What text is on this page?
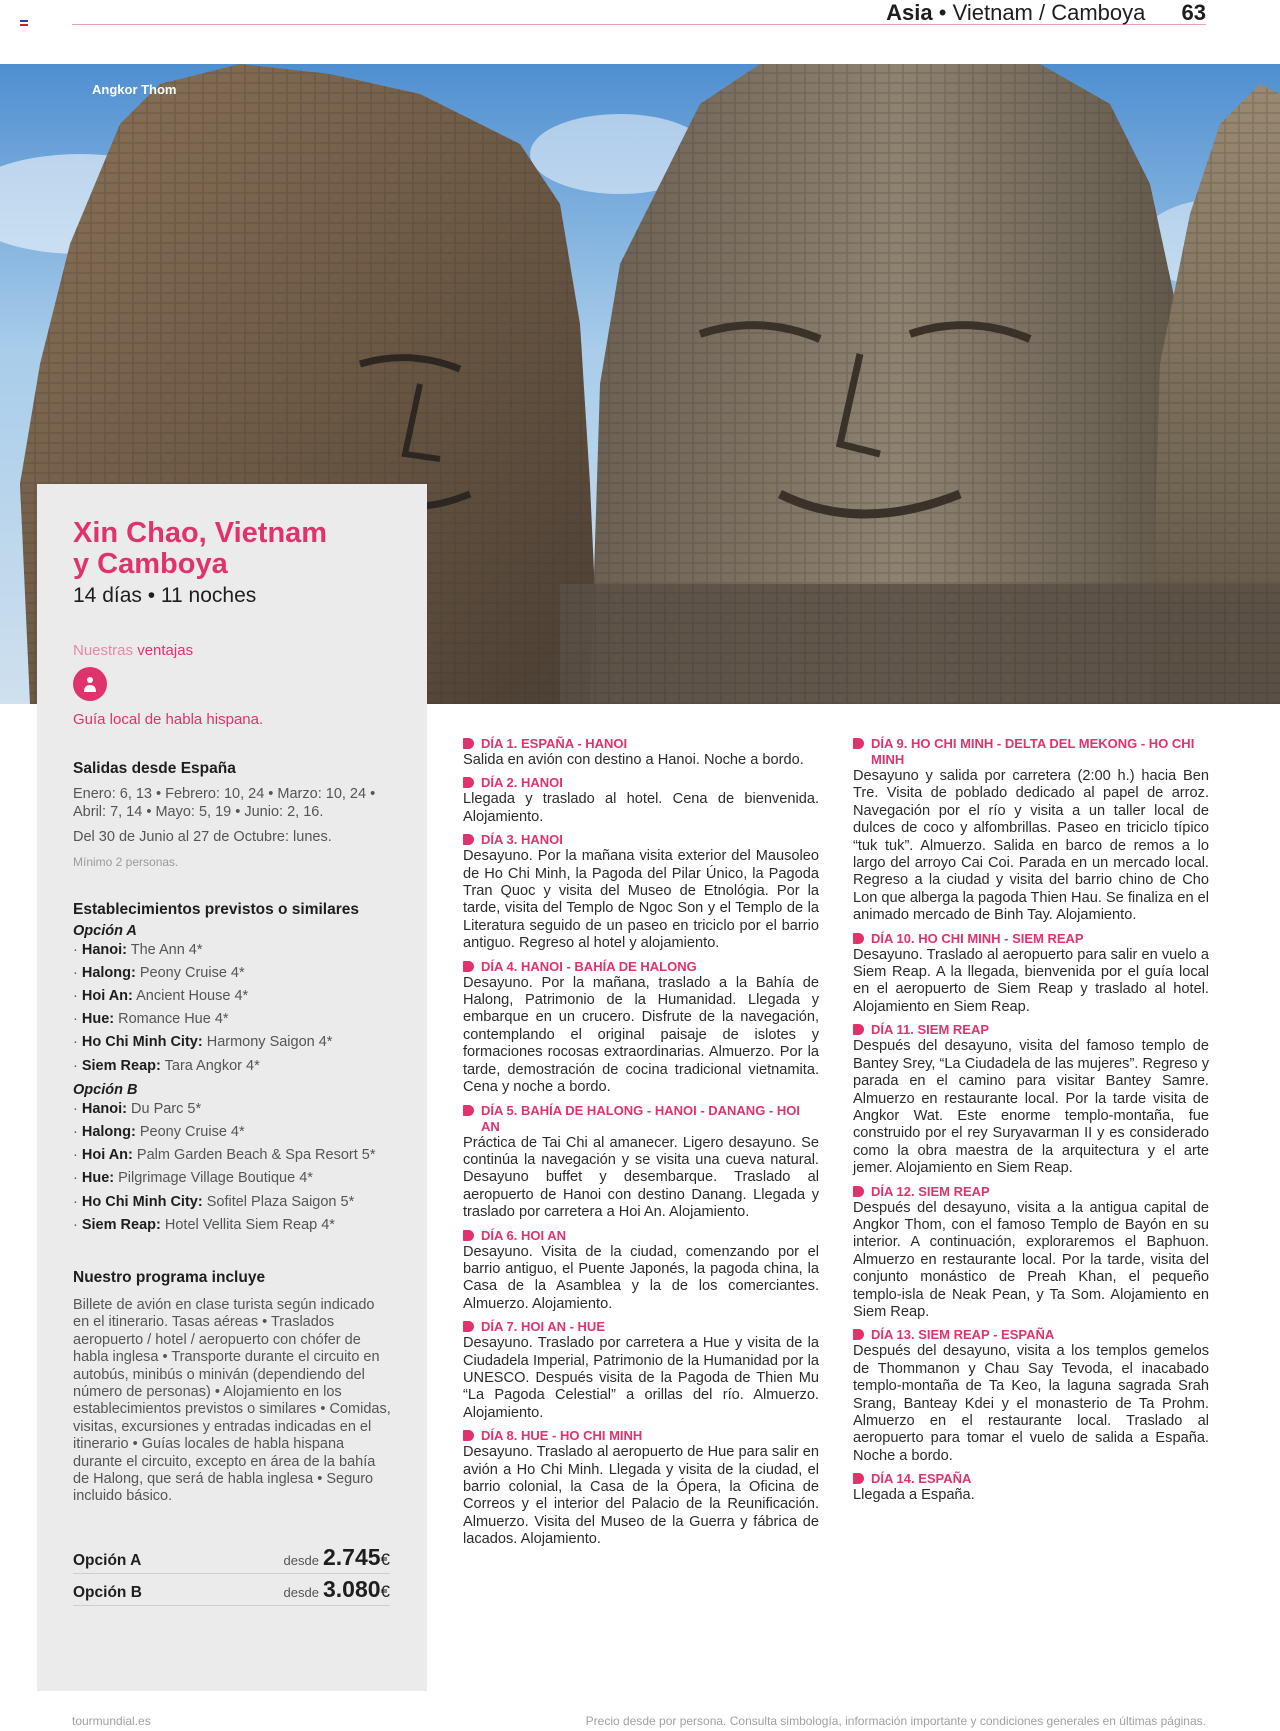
Asia • Vietnam / Camboya 63
Angkor Thom
Xin Chao, Vietnam
y Camboya
14 días • 11 noches
Nuestras ventajas
Guía local de habla hispana.
Salidas desde España
Enero: 6, 13 • Febrero: 10, 24 • Marzo: 10, 24 • Abril: 7, 14 • Mayo: 5, 19 • Junio: 2, 16.
Del 30 de Junio al 27 de Octubre: lunes.
Mínimo 2 personas.
Establecimientos previstos o similares
Opción A
· Hanoi: The Ann 4*
· Halong: Peony Cruise 4*
· Hoi An: Ancient House 4*
· Hue: Romance Hue 4*
· Ho Chi Minh City: Harmony Saigon 4*
· Siem Reap: Tara Angkor 4*
Opción B
· Hanoi: Du Parc 5*
· Halong: Peony Cruise 4*
· Hoi An: Palm Garden Beach & Spa Resort 5*
· Hue: Pilgrimage Village Boutique 4*
· Ho Chi Minh City: Sofitel Plaza Saigon 5*
· Siem Reap: Hotel Vellita Siem Reap 4*
Nuestro programa incluye
Billete de avión en clase turista según indicado en el itinerario. Tasas aéreas • Traslados aeropuerto / hotel / aeropuerto con chófer de habla inglesa • Transporte durante el circuito en autobús, minibús o miniván (dependiendo del número de personas) • Alojamiento en los establecimientos previstos o similares • Comidas, visitas, excursiones y entradas indicadas en el itinerario • Guías locales de habla hispana durante el circuito, excepto en área de la bahía de Halong, que será de habla inglesa • Seguro incluido básico.
Opción A	desde 2.745€
Opción B	desde 3.080€
DÍA 1. ESPAÑA - HANOI
Salida en avión con destino a Hanoi. Noche a bordo.
DÍA 2. HANOI
Llegada y traslado al hotel. Cena de bienvenida. Alojamiento.
DÍA 3. HANOI
Desayuno. Por la mañana visita exterior del Mausoleo de Ho Chi Minh, la Pagoda del Pilar Único, la Pagoda Tran Quoc y visita del Museo de Etnológia. Por la tarde, visita del Templo de Ngoc Son y el Templo de la Literatura seguido de un paseo en triciclo por el barrio antiguo. Regreso al hotel y alojamiento.
DÍA 4. HANOI - BAHÍA DE HALONG
Desayuno. Por la mañana, traslado a la Bahía de Halong, Patrimonio de la Humanidad. Llegada y embarque en un crucero. Disfrute de la navegación, contemplando el original paisaje de islotes y formaciones rocosas extraordinarias. Almuerzo. Por la tarde, demostración de cocina tradicional vietnamita. Cena y noche a bordo.
DÍA 5. BAHÍA DE HALONG - HANOI - DANANG - HOI AN
Práctica de Tai Chi al amanecer. Ligero desayuno. Se continúa la navegación y se visita una cueva natural. Desayuno buffet y desembarque. Traslado al aeropuerto de Hanoi con destino Danang. Llegada y traslado por carretera a Hoi An. Alojamiento.
DÍA 6. HOI AN
Desayuno. Visita de la ciudad, comenzando por el barrio antiguo, el Puente Japonés, la pagoda china, la Casa de la Asamblea y la de los comerciantes. Almuerzo. Alojamiento.
DÍA 7. HOI AN - HUE
Desayuno. Traslado por carretera a Hue y visita de la Ciudadela Imperial, Patrimonio de la Humanidad por la UNESCO. Después visita de la Pagoda de Thien Mu “La Pagoda Celestial” a orillas del río. Almuerzo. Alojamiento.
DÍA 8. HUE - HO CHI MINH
Desayuno. Traslado al aeropuerto de Hue para salir en avión a Ho Chi Minh. Llegada y visita de la ciudad, el barrio colonial, la Casa de la Ópera, la Oficina de Correos y el interior del Palacio de la Reunificación. Almuerzo. Visita del Museo de la Guerra y fábrica de lacados. Alojamiento.
DÍA 9. HO CHI MINH - DELTA DEL MEKONG - HO CHI MINH
Desayuno y salida por carretera (2:00 h.) hacia Ben Tre. Visita de poblado dedicado al papel de arroz. Navegación por el río y visita a un taller local de dulces de coco y alfombrillas. Paseo en triciclo típico “tuk tuk”. Almuerzo. Salida en barco de remos a lo largo del arroyo Cai Coi. Parada en un mercado local. Regreso a la ciudad y visita del barrio chino de Cho Lon que alberga la pagoda Thien Hau. Se finaliza en el animado mercado de Binh Tay. Alojamiento.
DÍA 10. HO CHI MINH - SIEM REAP
Desayuno. Traslado al aeropuerto para salir en vuelo a Siem Reap. A la llegada, bienvenida por el guía local en el aeropuerto de Siem Reap y traslado al hotel. Alojamiento en Siem Reap.
DÍA 11. SIEM REAP
Después del desayuno, visita del famoso templo de Bantey Srey, “La Ciudadela de las mujeres”. Regreso y parada en el camino para visitar Bantey Samre. Almuerzo en restaurante local. Por la tarde visita de Angkor Wat. Este enorme templo-montaña, fue construido por el rey Suryavarman II y es considerado como la obra maestra de la arquitectura y el arte jemer. Alojamiento en Siem Reap.
DÍA 12. SIEM REAP
Después del desayuno, visita a la antigua capital de Angkor Thom, con el famoso Templo de Bayón en su interior. A continuación, exploraremos el Baphuon. Almuerzo en restaurante local. Por la tarde, visita del conjunto monástico de Preah Khan, el pequeño templo-isla de Neak Pean, y Ta Som. Alojamiento en Siem Reap.
DÍA 13. SIEM REAP - ESPAÑA
Después del desayuno, visita a los templos gemelos de Thommanon y Chau Say Tevoda, el inacabado templo-montaña de Ta Keo, la laguna sagrada Srah Srang, Banteay Kdei y el monasterio de Ta Prohm. Almuerzo en el restaurante local. Traslado al aeropuerto para tomar el vuelo de salida a España. Noche a bordo.
DÍA 14. ESPAÑA
Llegada a España.
tourmundial.es	Precio desde por persona. Consulta simbología, información importante y condiciones generales en últimas páginas.
